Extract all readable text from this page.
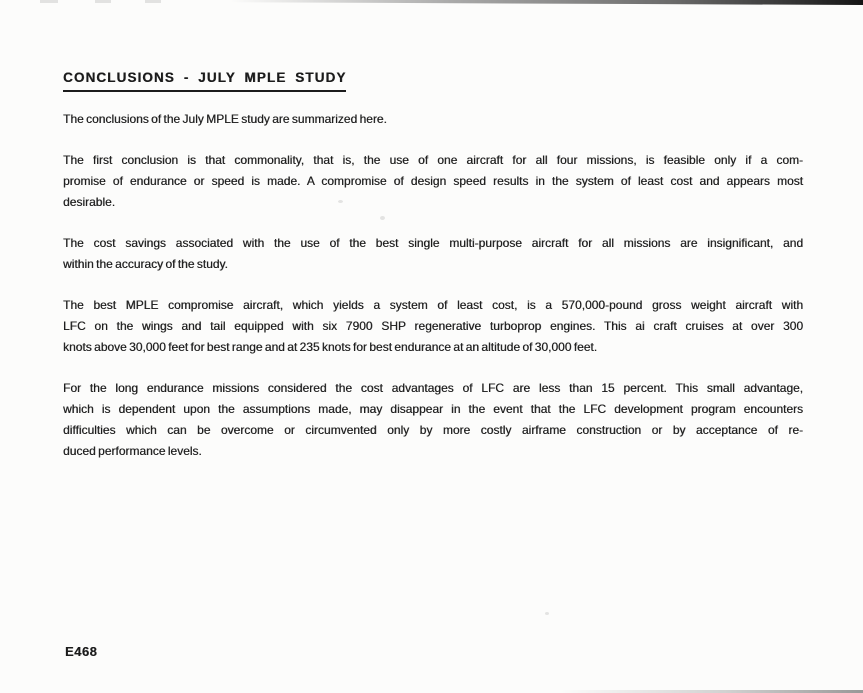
CONCLUSIONS - JULY MPLE STUDY
The conclusions of the July MPLE study are summarized here.
The first conclusion is that commonality, that is, the use of one aircraft for all four missions, is feasible only if a com-
promise of endurance or speed is made. A compromise of design speed results in the system of least cost and appears most
desirable.
The cost savings associated with the use of the best single multi-purpose aircraft for all missions are insignificant, and
within the accuracy of the study.
The best MPLE compromise aircraft, which yields a system of least cost, is a 570,000-pound gross weight aircraft with
LFC on the wings and tail equipped with six 7900 SHP regenerative turboprop engines. This ai craft cruises at over 300
knots above 30,000 feet for best range and at 235 knots for best endurance at an altitude of 30,000 feet.
For the long endurance missions considered the cost advantages of LFC are less than 15 percent. This small advantage,
which is dependent upon the assumptions made, may disappear in the event that the LFC development program encounters
difficulties which can be overcome or circumvented only by more costly airframe construction or by acceptance of re-
duced performance levels.
E468
